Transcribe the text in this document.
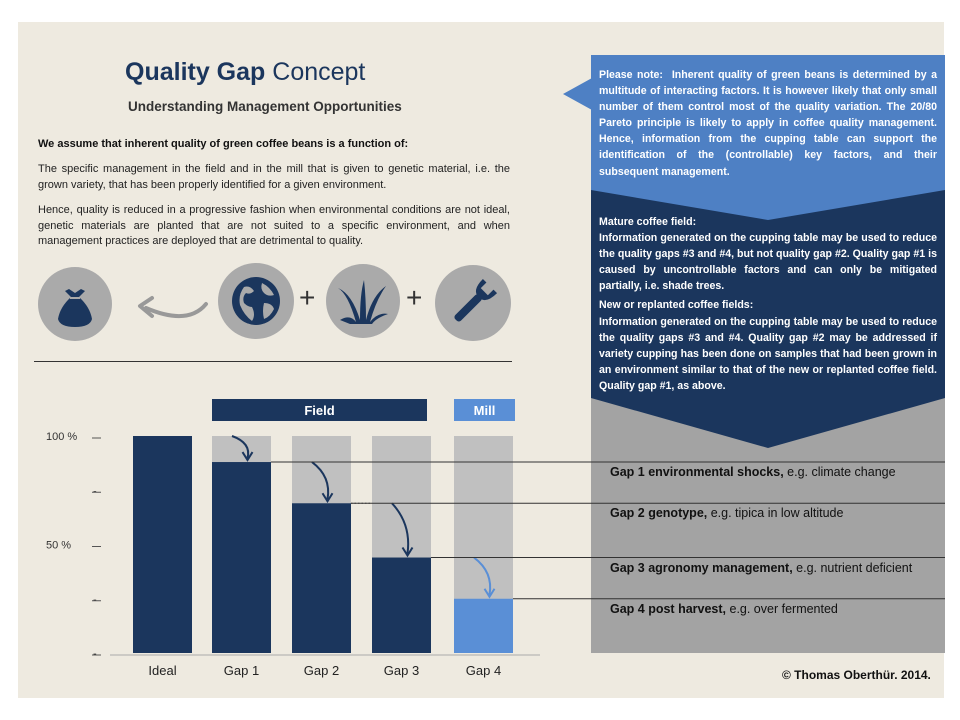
Quality Gap Concept
Understanding Management Opportunities
We assume that inherent quality of green coffee beans is a function of:
The specific management in the field and in the mill that is given to genetic material, i.e. the grown variety, that has been properly identified for a given environment.
Hence, quality is reduced in a progressive fashion when environmental conditions are not ideal, genetic materials are planted that are not suited to a specific environment, and when management practices are deployed that are detrimental to quality.
+	+
Please note: Inherent quality of green beans is determined by a multitude of interacting factors. It is however likely that only small number of them control most of the quality variation. The 20/80 Pareto principle is likely to apply in coffee quality management. Hence, information from the cupping table can support the identification of the (controllable) key factors, and their subsequent management.
Mature coffee field:

Information generated on the cupping table may be used to reduce the quality gaps #3 and #4, but not quality gap #2. Quality gap #1 is caused by uncontrollable factors and can only be mitigated partially, i.e. shade trees.

New or replanted coffee fields:

Information generated on the cupping table may be used to reduce the quality gaps #3 and #4. Quality gap #2 may be addressed if variety cupping has been done on samples that had been grown in an environment similar to that of the new or replanted coffee field. Quality gap #1, as above.

100 %
-
50 %
-
-
Ideal	Gap 1	Gap 2	Gap 3	Gap 4
Field	Mill
Gap 1 environmental shocks, e.g. climate change
Gap 2 genotype, e.g. tipica in low altitude
Gap 3 agronomy management, e.g. nutrient deficient
Gap 4 post harvest, e.g. over fermented
© Thomas Oberthür. 2014.
